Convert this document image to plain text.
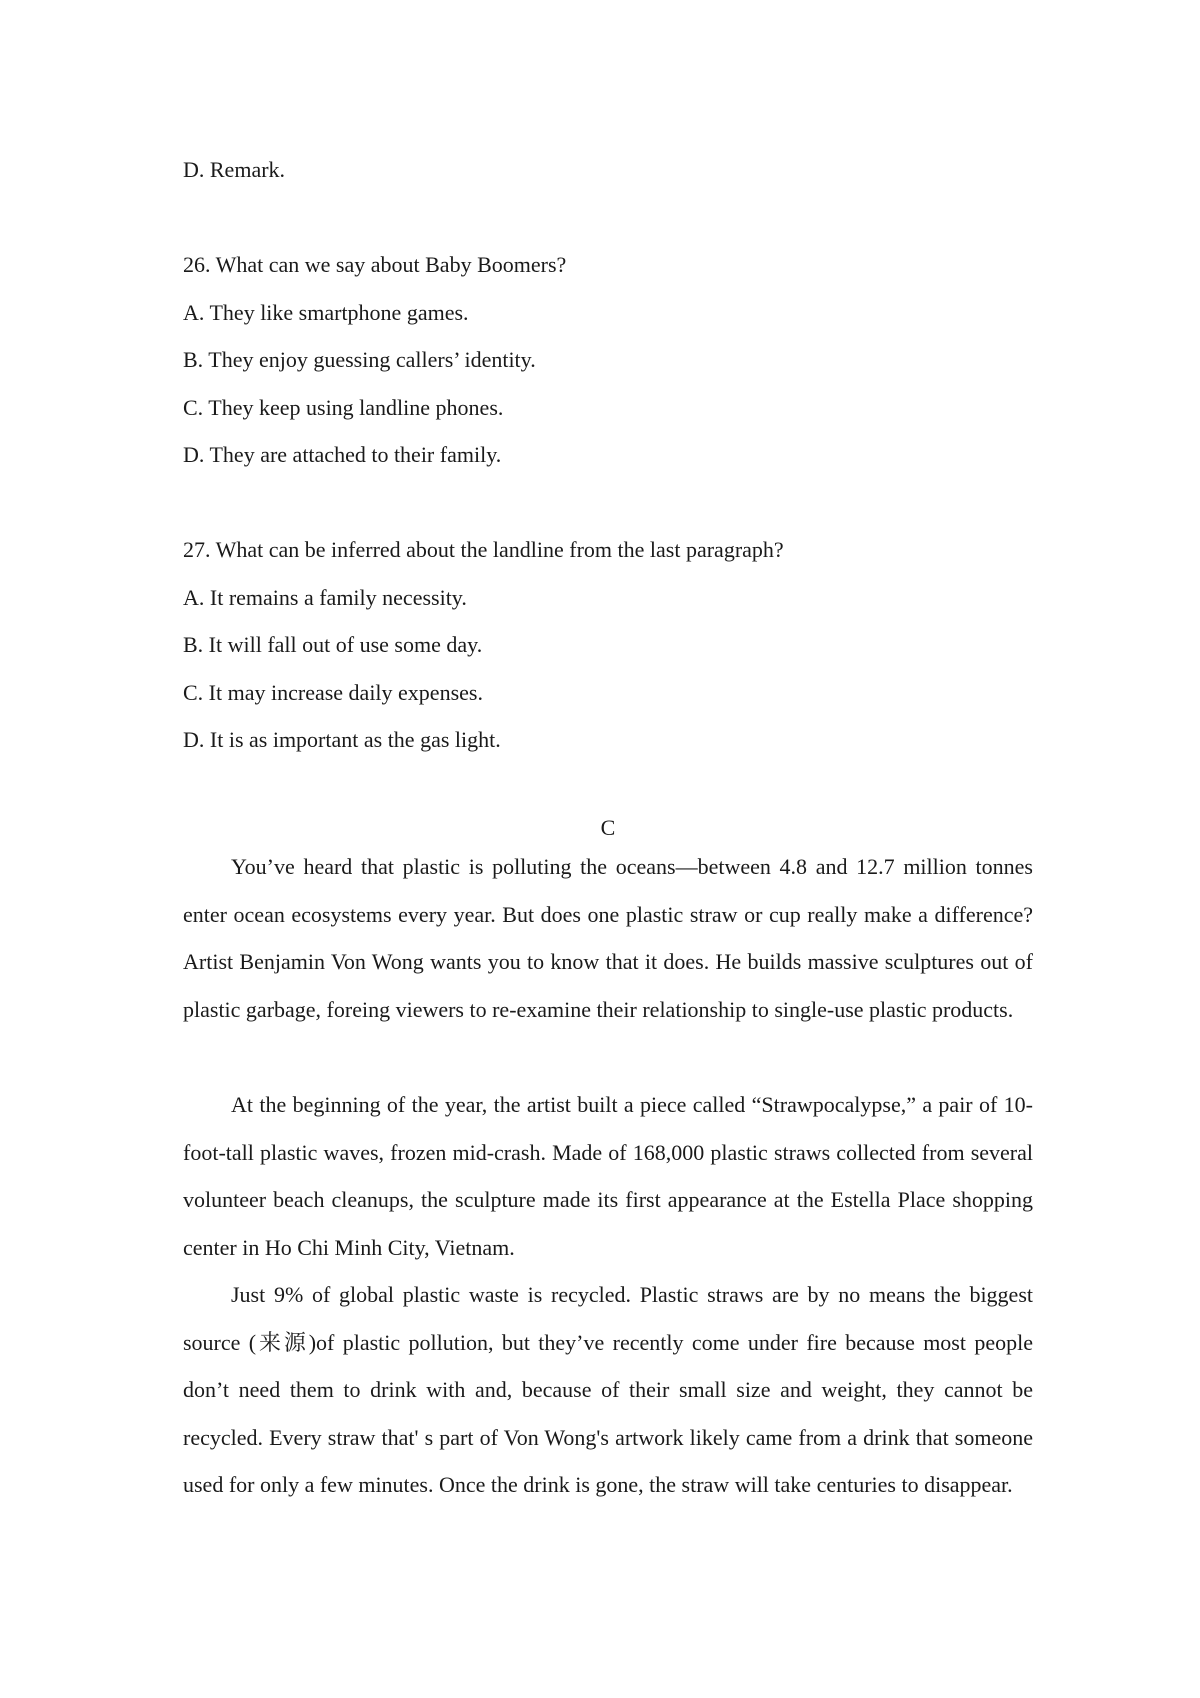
D. Remark.
26. What can we say about Baby Boomers?
A. They like smartphone games.
B. They enjoy guessing callers’ identity.
C. They keep using landline phones.
D. They are attached to their family.
27. What can be inferred about the landline from the last paragraph?
A. It remains a family necessity.
B. It will fall out of use some day.
C. It may increase daily expenses.
D. It is as important as the gas light.
C

You’ve heard that plastic is polluting the oceans—between 4.8 and 12.7 million tonnes enter ocean ecosystems every year. But does one plastic straw or cup really make a difference? Artist Benjamin Von Wong wants you to know that it does. He builds massive sculptures out of plastic garbage, foreing viewers to re-examine their relationship to single-use plastic products.

At the beginning of the year, the artist built a piece called “Strawpocalypse,” a pair of 10-foot-tall plastic waves, frozen mid-crash. Made of 168,000 plastic straws collected from several volunteer beach cleanups, the sculpture made its first appearance at the Estella Place shopping center in Ho Chi Minh City, Vietnam.

Just 9% of global plastic waste is recycled. Plastic straws are by no means the biggest source (来源)of plastic pollution, but they’ve recently come under fire because most people don’t need them to drink with and, because of their small size and weight, they cannot be recycled. Every straw that' s part of Von Wong's artwork likely came from a drink that someone used for only a few minutes. Once the drink is gone, the straw will take centuries to disappear.
